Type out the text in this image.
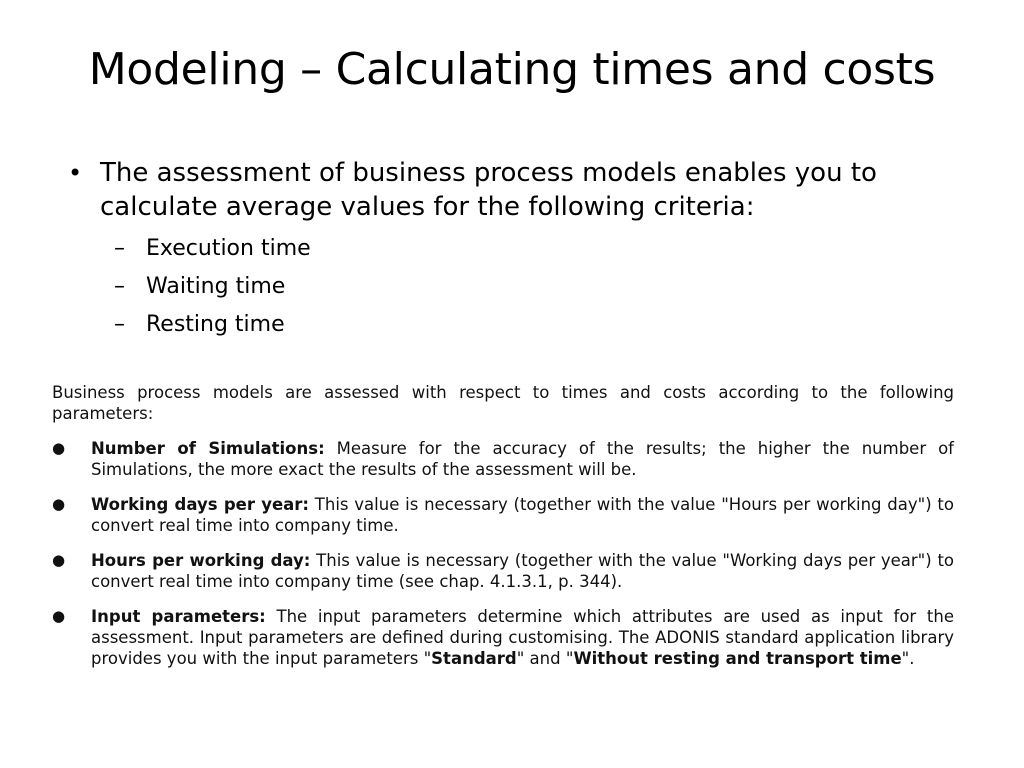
Modeling – Calculating times and costs
• The assessment of business process models enables you to calculate average values for the following criteria:
– Execution time
– Waiting time
– Resting time

Business process models are assessed with respect to times and costs according to the following parameters:

●	Number of Simulations: Measure for the accuracy of the results; the higher the number of Simulations, the more exact the results of the assessment will be.
●	Working days per year: This value is necessary (together with the value "Hours per working day") to convert real time into company time.
●	Hours per working day: This value is necessary (together with the value "Working days per year") to convert real time into company time (see chap. 4.1.3.1, p. 344).
●	Input parameters: The input parameters determine which attributes are used as input for the assessment. Input parameters are defined during customising. The ADONIS standard application library provides you with the input parameters "Standard" and "Without resting and transport time".
